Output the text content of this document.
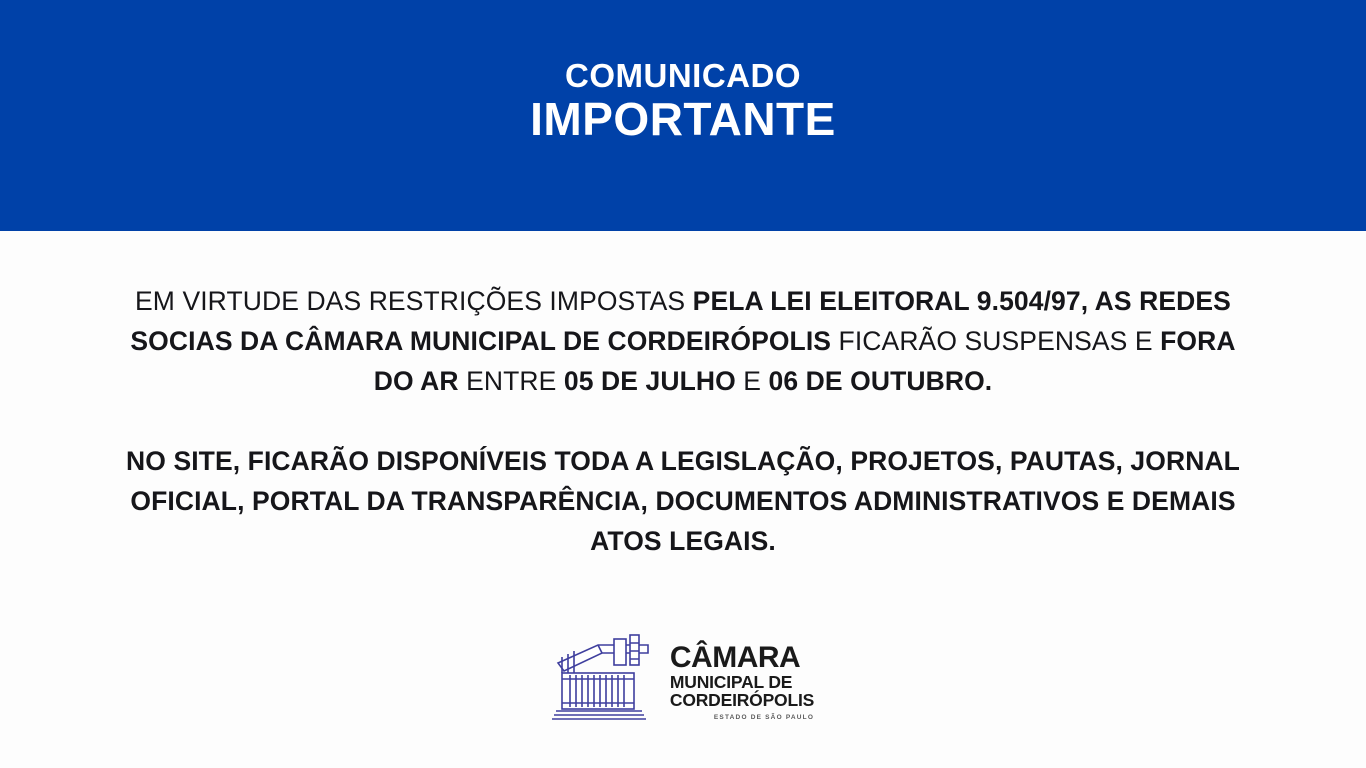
COMUNICADO
IMPORTANTE
EM VIRTUDE DAS RESTRIÇÕES IMPOSTAS PELA LEI ELEITORAL 9.504/97, AS REDES SOCIAS DA CÂMARA MUNICIPAL DE CORDEIRÓPOLIS FICARÃO SUSPENSAS E FORA DO AR ENTRE 05 DE JULHO E 06 DE OUTUBRO.
NO SITE, FICARÃO DISPONÍVEIS TODA A LEGISLAÇÃO, PROJETOS, PAUTAS, JORNAL OFICIAL, PORTAL DA TRANSPARÊNCIA, DOCUMENTOS ADMINISTRATIVOS E DEMAIS ATOS LEGAIS.
CÂMARA
MUNICIPAL DE
CORDEIRÓPOLIS
ESTADO DE SÃO PAULO
